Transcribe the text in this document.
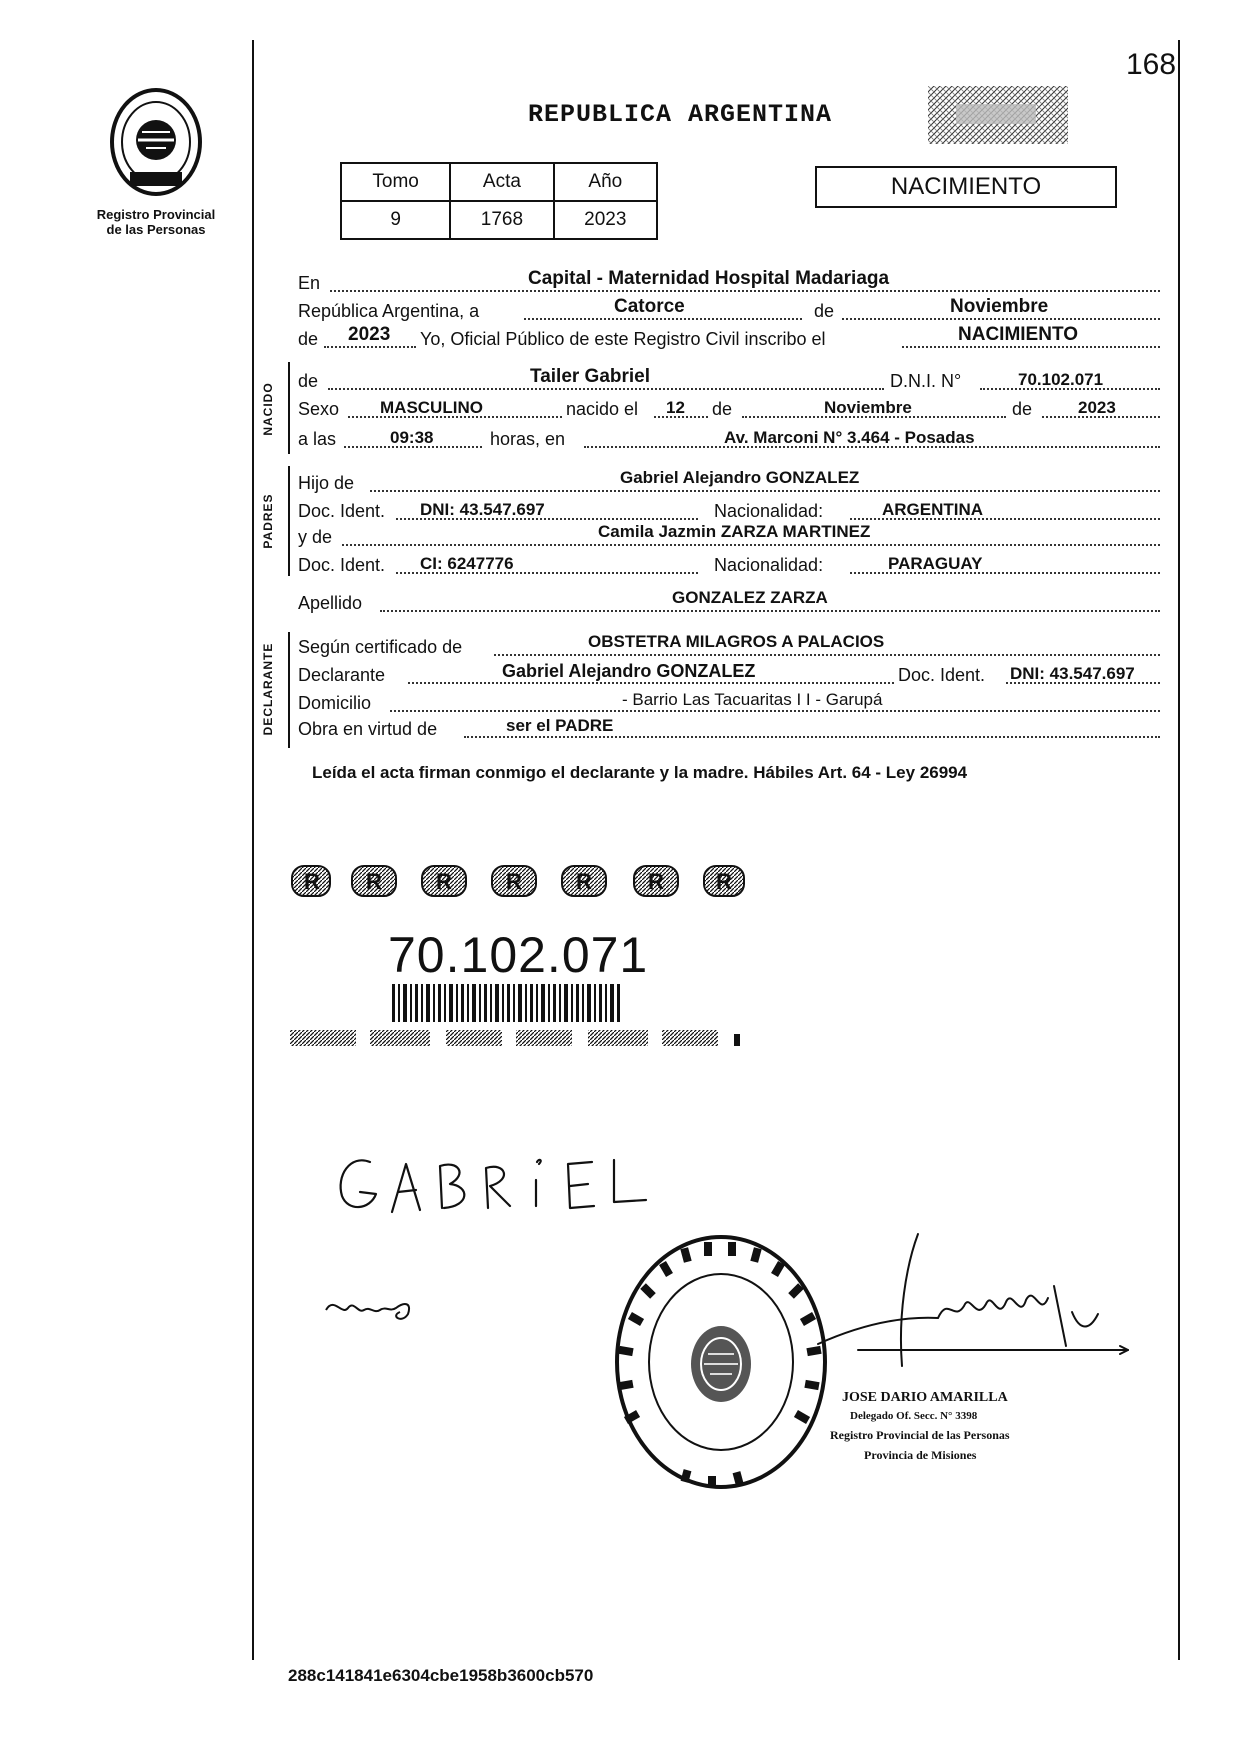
168
Registro Provincial
de las Personas
REPUBLICA ARGENTINA
Tomo	Acta	Año
9	1768	2023
NACIMIENTO
En	Capital - Maternidad Hospital Madariaga
República Argentina, a	Catorce	de	Noviembre
de 2023 Yo, Oficial Público de este Registro Civil inscribo el	NACIMIENTO
NACIDO
de	Tailer Gabriel	D.N.I. N°	70.102.071
Sexo MASCULINO	nacido el 12 de	Noviembre	de	2023
a las	09:38	horas, en	Av. Marconi N° 3.464 - Posadas
PADRES
Hijo de	Gabriel Alejandro GONZALEZ
Doc. Ident. DNI: 43.547.697	Nacionalidad:	ARGENTINA
y de	Camila Jazmin ZARZA MARTINEZ
Doc. Ident. CI: 6247776	Nacionalidad:	PARAGUAY
Apellido	GONZALEZ ZARZA
DECLARANTE Según certificado de	OBSTETRA MILAGROS A PALACIOS
Declarante	Gabriel Alejandro GONZALEZ	Doc. Ident. DNI: 43.547.697
Domicilio	- Barrio Las Tacuaritas I I - Garupá
Obra en virtud de	ser el PADRE
Leída el acta firman conmigo el declarante y la madre. Hábiles Art. 64 - Ley 26994
R R R R R	R R
70.102.071
JOSE DARIO AMARILLA
Delegado Of. Secc. N° 3398
Registro Provincial de las Personas
Provincia de Misiones
288c141841e6304cbe1958b3600cb570
